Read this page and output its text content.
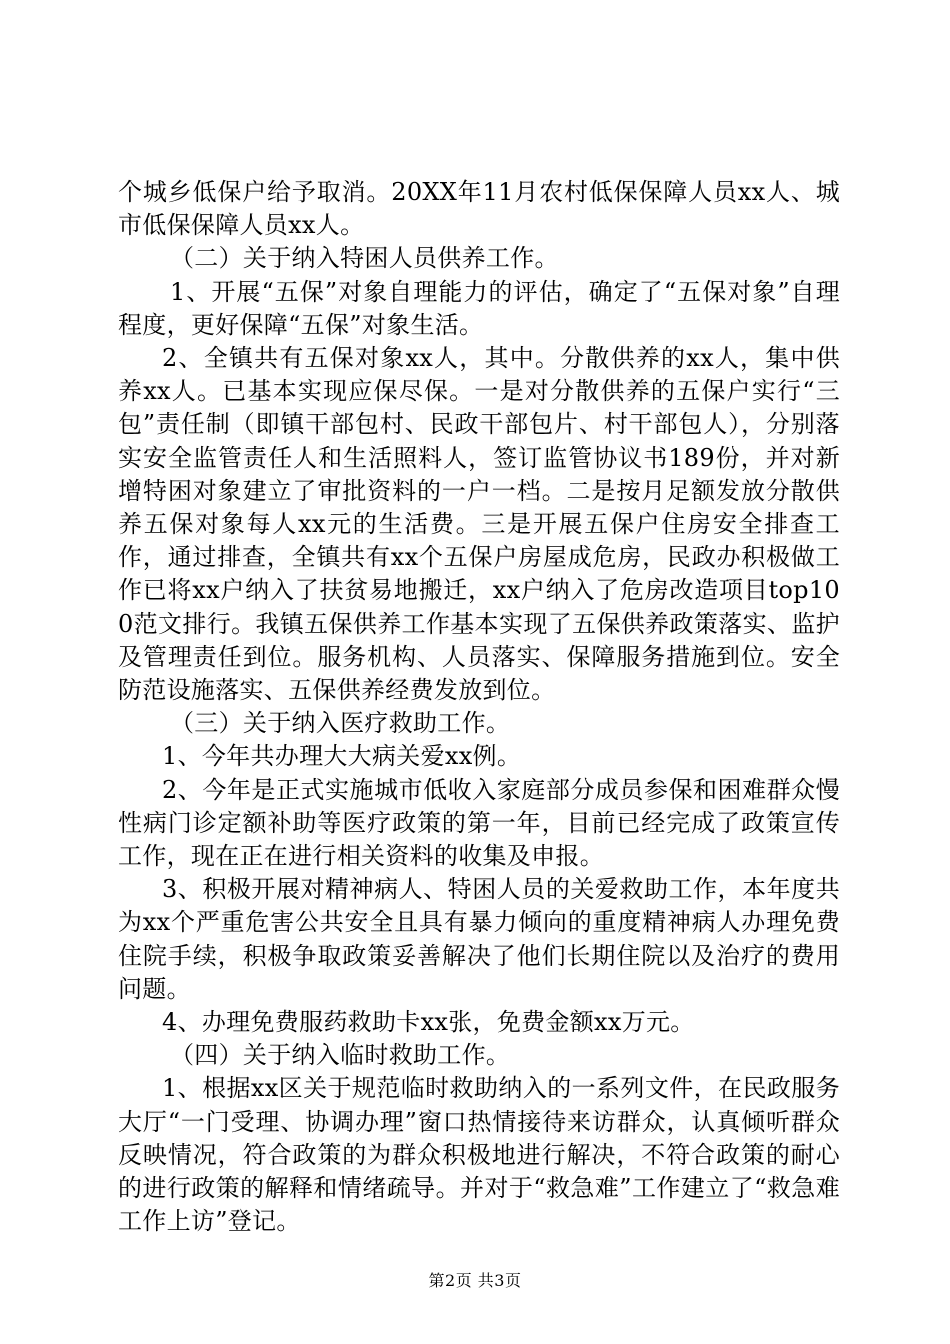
个城乡低保户给予取消。20XX年11月农村低保保障人员xx人、城市低保保障人员xx人。

（二）关于纳入特困人员供养工作。

1、开展“五保”对象自理能力的评估，确定了“五保对象”自理程度，更好保障“五保”对象生活。

2、全镇共有五保对象xx人，其中。分散供养的xx人，集中供养xx人。已基本实现应保尽保。一是对分散供养的五保户实行“三包”责任制（即镇干部包村、民政干部包片、村干部包人），分别落实安全监管责任人和生活照料人，签订监管协议书189份，并对新增特困对象建立了审批资料的一户一档。二是按月足额发放分散供养五保对象每人xx元的生活费。三是开展五保户住房安全排查工作，通过排查，全镇共有xx个五保户房屋成危房，民政办积极做工作已将xx户纳入了扶贫易地搬迁，xx户纳入了危房改造项目top100范文排行。我镇五保供养工作基本实现了五保供养政策落实、监护及管理责任到位。服务机构、人员落实、保障服务措施到位。安全防范设施落实、五保供养经费发放到位。

（三）关于纳入医疗救助工作。

1、今年共办理大大病关爱xx例。

2、今年是正式实施城市低收入家庭部分成员参保和困难群众慢性病门诊定额补助等医疗政策的第一年，目前已经完成了政策宣传工作，现在正在进行相关资料的收集及申报。

3、积极开展对精神病人、特困人员的关爱救助工作，本年度共为xx个严重危害公共安全且具有暴力倾向的重度精神病人办理免费住院手续，积极争取政策妥善解决了他们长期住院以及治疗的费用问题。

4、办理免费服药救助卡xx张，免费金额xx万元。

（四）关于纳入临时救助工作。

1、根据xx区关于规范临时救助纳入的一系列文件，在民政服务大厅“一门受理、协调办理”窗口热情接待来访群众，认真倾听群众反映情况，符合政策的为群众积极地进行解决，不符合政策的耐心的进行政策的解释和情绪疏导。并对于“救急难”工作建立了“救急难工作上访”登记。

第2页 共3页
